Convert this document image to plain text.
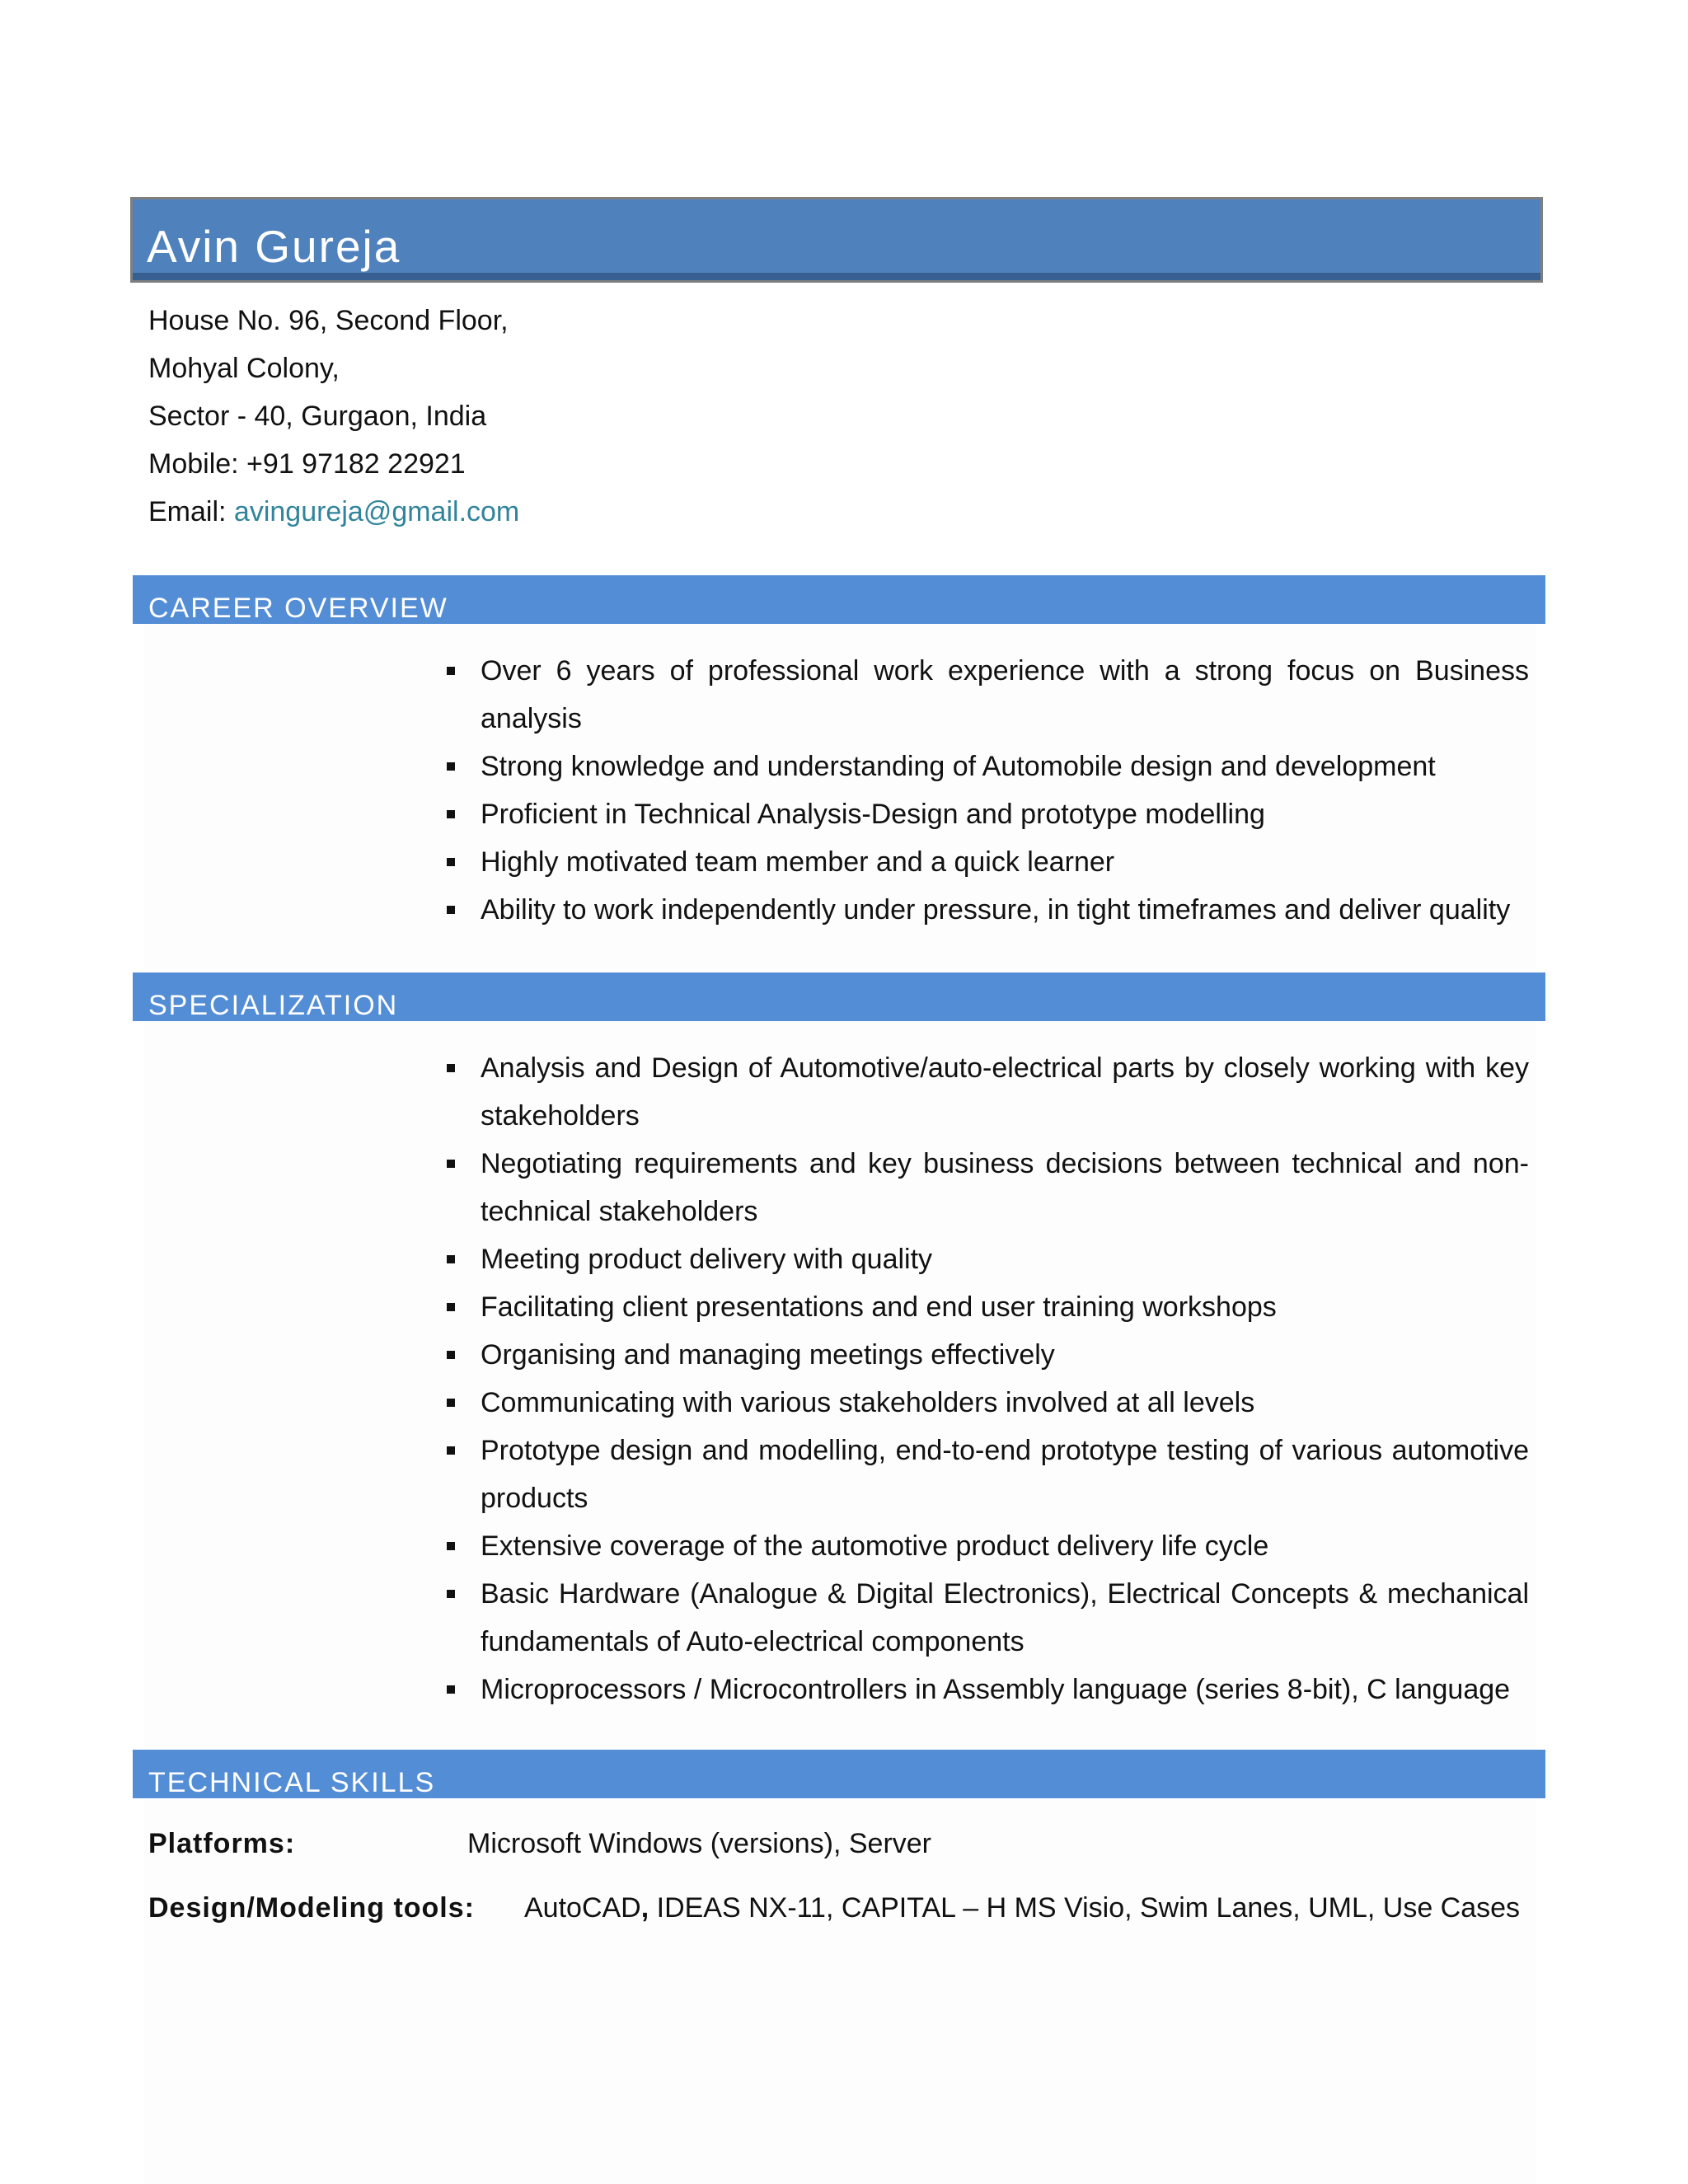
Avin Gureja
House No. 96, Second Floor,
Mohyal Colony,
Sector - 40, Gurgaon, India
Mobile: +91 97182 22921
Email: avingureja@gmail.com
CAREER OVERVIEW
Over 6 years of professional work experience with a strong focus on Business analysis
Strong knowledge and understanding of Automobile design and development
Proficient in Technical Analysis-Design and prototype modelling
Highly motivated team member and a quick learner
Ability to work independently under pressure, in tight timeframes and deliver quality
SPECIALIZATION
Analysis and Design of Automotive/auto-electrical parts by closely working with key stakeholders
Negotiating requirements and key business decisions between technical and non-technical stakeholders
Meeting product delivery with quality
Facilitating client presentations and end user training workshops
Organising and managing meetings effectively
Communicating with various stakeholders involved at all levels
Prototype design and modelling, end-to-end prototype testing of various automotive products
Extensive coverage of the automotive product delivery life cycle
Basic Hardware (Analogue & Digital Electronics), Electrical Concepts & mechanical fundamentals of Auto-electrical components
Microprocessors / Microcontrollers in Assembly language (series 8-bit), C language
TECHNICAL SKILLS
Platforms:	Microsoft Windows (versions), Server
Design/Modeling tools: AutoCAD, IDEAS NX-11, CAPITAL – H MS Visio, Swim Lanes, UML, Use Cases
